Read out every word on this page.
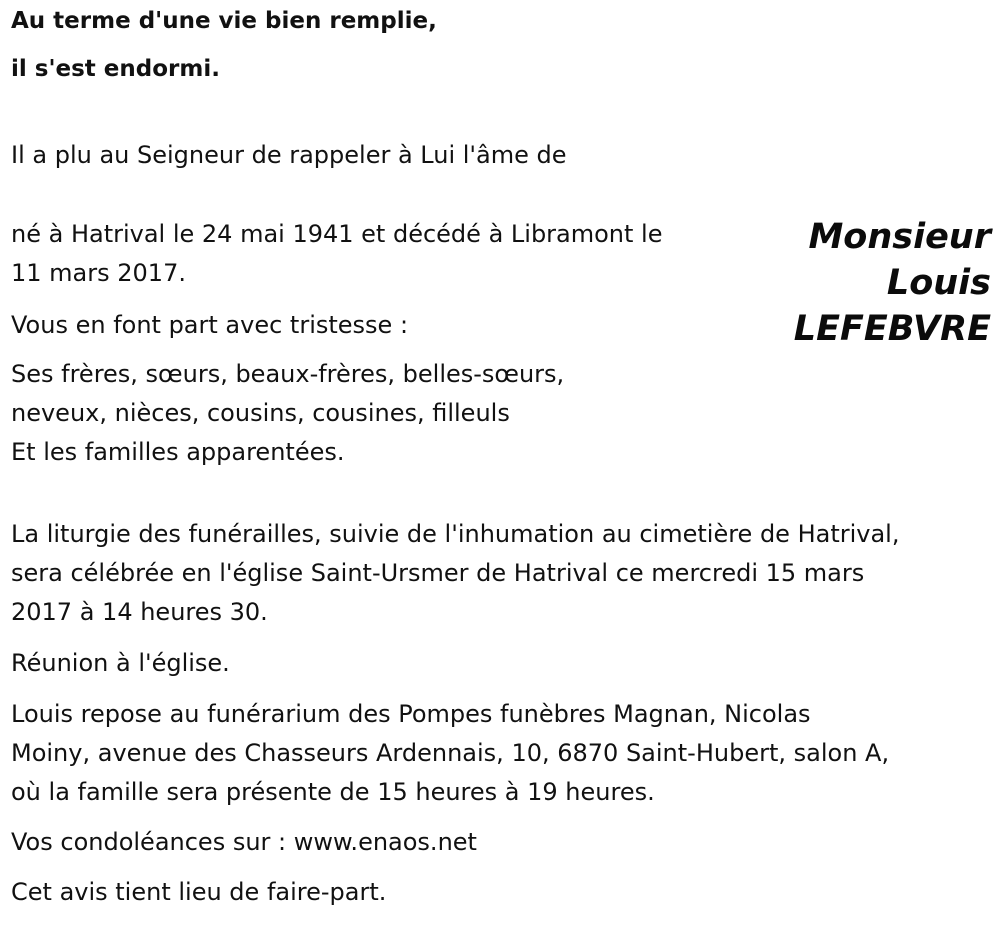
Au terme d'une vie bien remplie,
il s'est endormi.
Il a plu au Seigneur de rappeler à Lui l'âme de
Monsieur
Louis
LEFEBVRE
né à Hatrival le 24 mai 1941 et décédé à Libramont le
11 mars 2017.
Vous en font part avec tristesse :
Ses frères, sœurs, beaux-frères, belles-sœurs,
neveux, nièces, cousins, cousines, filleuls
Et les familles apparentées.
La liturgie des funérailles, suivie de l'inhumation au cimetière de Hatrival,
sera célébrée en l'église Saint-Ursmer de Hatrival ce mercredi 15 mars
2017 à 14 heures 30.
Réunion à l'église.
Louis repose au funérarium des Pompes funèbres Magnan, Nicolas
Moiny, avenue des Chasseurs Ardennais, 10, 6870 Saint-Hubert, salon A,
où la famille sera présente de 15 heures à 19 heures.
Vos condoléances sur : www.enaos.net
Cet avis tient lieu de faire-part.
